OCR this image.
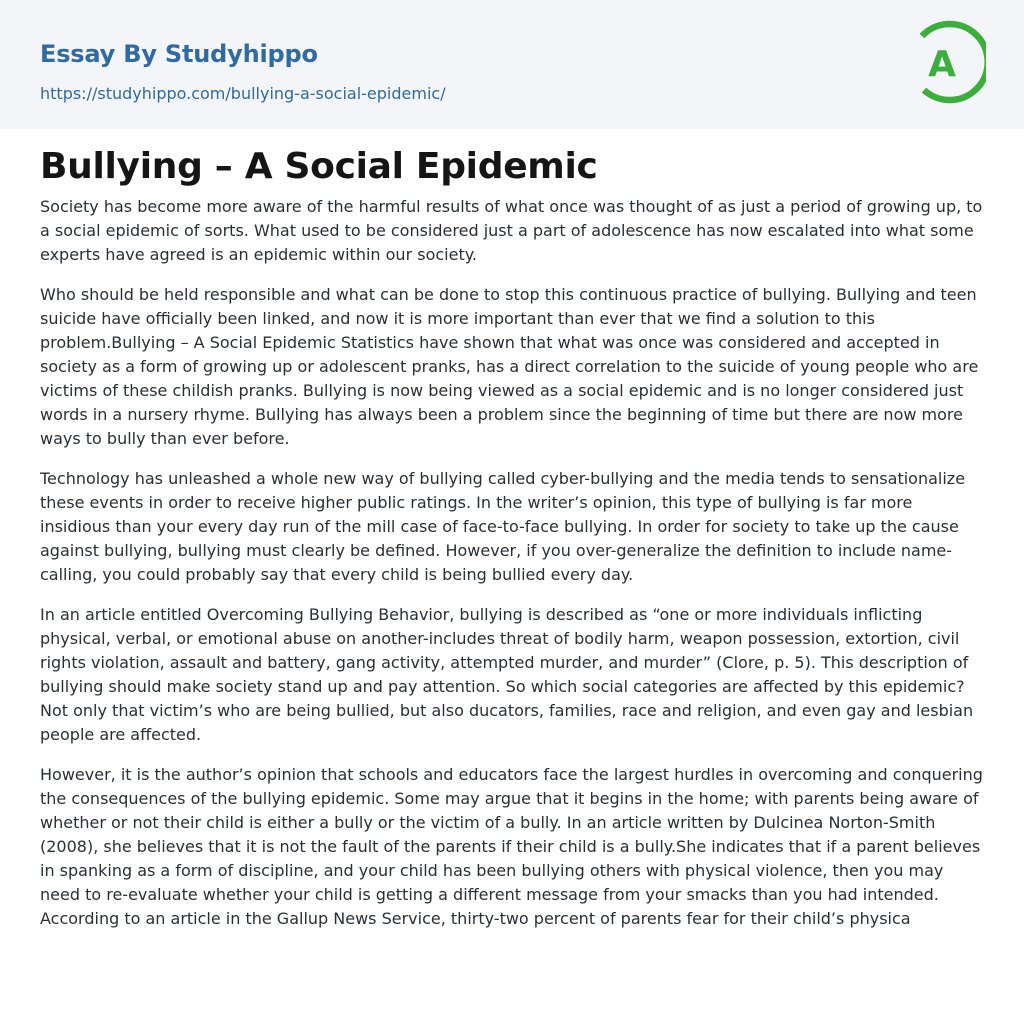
Essay By Studyhippo
https://studyhippo.com/bullying-a-social-epidemic/
A
Bullying – A Social Epidemic

Society has become more aware of the harmful results of what once was thought of as just a period of growing up, to a social epidemic of sorts. What used to be considered just a part of adolescence has now escalated into what some experts have agreed is an epidemic within our society.

Who should be held responsible and what can be done to stop this continuous practice of bullying. Bullying and teen suicide have officially been linked, and now it is more important than ever that we find a solution to this problem.Bullying – A Social Epidemic Statistics have shown that what was once was considered and accepted in society as a form of growing up or adolescent pranks, has a direct correlation to the suicide of young people who are victims of these childish pranks. Bullying is now being viewed as a social epidemic and is no longer considered just words in a nursery rhyme. Bullying has always been a problem since the beginning of time but there are now more ways to bully than ever before.

Technology has unleashed a whole new way of bullying called cyber-bullying and the media tends to sensationalize these events in order to receive higher public ratings. In the writer’s opinion, this type of bullying is far more insidious than your every day run of the mill case of face-to-face bullying. In order for society to take up the cause against bullying, bullying must clearly be defined. However, if you over-generalize the definition to include name-calling, you could probably say that every child is being bullied every day.

In an article entitled Overcoming Bullying Behavior, bullying is described as “one or more individuals inflicting physical, verbal, or emotional abuse on another-includes threat of bodily harm, weapon possession, extortion, civil rights violation, assault and battery, gang activity, attempted murder, and murder” (Clore, p. 5). This description of bullying should make society stand up and pay attention. So which social categories are affected by this epidemic? Not only that victim’s who are being bullied, but also ducators, families, race and religion, and even gay and lesbian people are affected.

However, it is the author’s opinion that schools and educators face the largest hurdles in overcoming and conquering the consequences of the bullying epidemic. Some may argue that it begins in the home; with parents being aware of whether or not their child is either a bully or the victim of a bully. In an article written by Dulcinea Norton-Smith (2008), she believes that it is not the fault of the parents if their child is a bully.She indicates that if a parent believes in spanking as a form of discipline, and your child has been bullying others with physical violence, then you may need to re-evaluate whether your child is getting a different message from your smacks than you had intended. According to an article in the Gallup News Service, thirty-two percent of parents fear for their child’s physica
